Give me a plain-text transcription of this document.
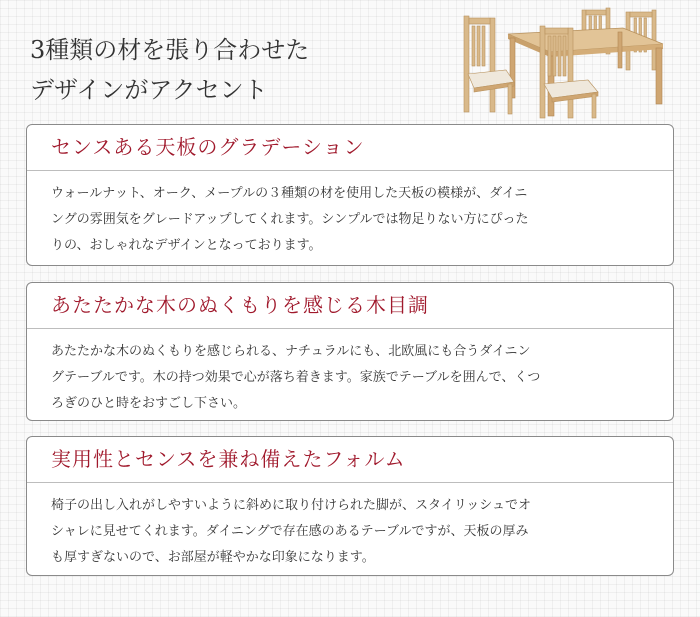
3種類の材を張り合わせた
デザインがアクセント
センスある天板のグラデーション
ウォールナット、オーク、メープルの３種類の材を使用した天板の模様が、ダイニ
ングの雰囲気をグレードアップしてくれます。シンプルでは物足りない方にぴった
りの、おしゃれなデザインとなっております。
あたたかな木のぬくもりを感じる木目調
あたたかな木のぬくもりを感じられる、ナチュラルにも、北欧風にも合うダイニン
グテーブルです。木の持つ効果で心が落ち着きます。家族でテーブルを囲んで、くつ
ろぎのひと時をおすごし下さい。
実用性とセンスを兼ね備えたフォルム
椅子の出し入れがしやすいように斜めに取り付けられた脚が、スタイリッシュでオ
シャレに見せてくれます。ダイニングで存在感のあるテーブルですが、天板の厚み
も厚すぎないので、お部屋が軽やかな印象になります。
